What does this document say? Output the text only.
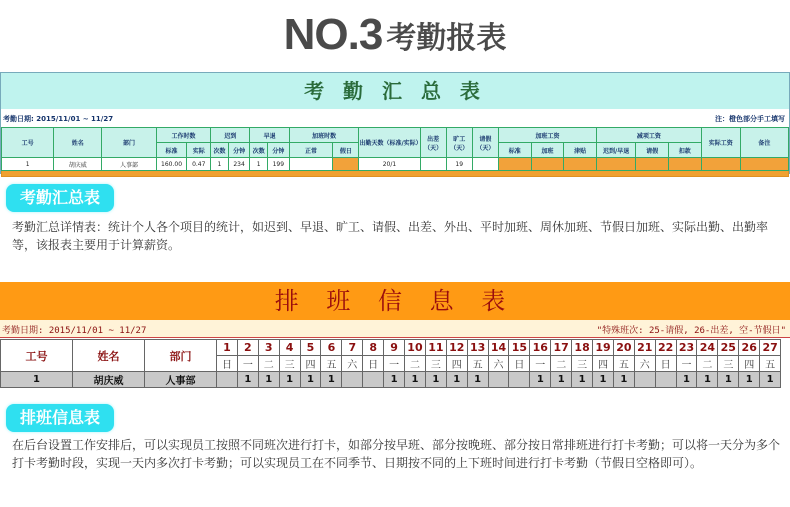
NO.3 考勤报表
考 勤 汇 总 表
考勤日期: 2015/11/01 ~ 11/27	注：橙色部分手工填写
工号	姓名	部门	工作时数		迟到		早退		加班时数		出勤天数（标准/实际）	出差（天）	旷工（天）	请假（天）	加班工资			减项工资			实际工资	备注
			标准	实际	次数	分钟	次数	分钟	正常	假日					标准	加班	津贴	迟到/早退	请假	扣款		
1	胡庆威	人事部	160.00	0.47	1	234	1	199			20/1		19									

考勤汇总表
考勤汇总详情表：统计个人各个项目的统计，如迟到、早退、旷工、请假、出差、外出、平时加班、周休加班、节假日加班、实际出勤、出勤率等，该报表主要用于计算薪资。
排 班 信 息 表
考勤日期: 2015/11/01 ~ 11/27	"特殊班次: 25-请假, 26-出差, 空-节假日"
工号	姓名	部门	1	2	3	4	5	6	7	8	9	10	11	12	13	14	15	16	17	18	19	20	21	22	23	24	25	26	27
			日	一	二	三	四	五	六	日	一	二	三	四	五	六	日	一	二	三	四	五	六	日	一	二	三	四	五
1	胡庆威	人事部		1	1	1	1	1			1	1	1	1	1			1	1	1	1	1			1	1	1	1	1
排班信息表
在后台设置工作安排后，可以实现员工按照不同班次进行打卡，如部分按早班、部分按晚班、部分按日常排班进行打卡考勤；可以将一天分为多个打卡考勤时段，实现一天内多次打卡考勤；可以实现员工在不同季节、日期按不同的上下班时间进行打卡考勤（节假日空格即可）。
